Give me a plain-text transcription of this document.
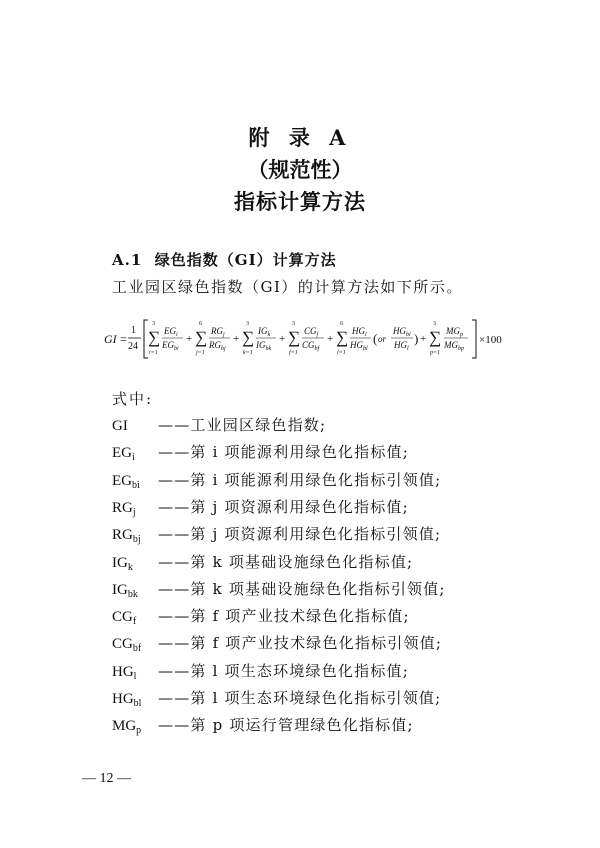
附 录 A
（规范性）
指标计算方法
A.1 绿色指数（GI）计算方法
工业园区绿色指数（GI）的计算方法如下所示。
GI =
1
24
3
∑
i=1
$EG_i$
$EG_{bi}$
+
6
∑
j=1
$RG_j$
$RG_{bj}$
+
3
∑
k=1
$IG_k$
$IG_{bk}$
+
3
∑
f=1
$CG_f$
$CG_{bf}$
+
6
∑
l=1
$HG_l$
$HG_{bl}$
( or
$HG_{bl}$
$HG_l$
) +
3
∑
p=1
$MG_p$
$MG_{bp}$
×100
式中:
GI ——工业园区绿色指数;
$EG_i$ ——第 i 项能源利用绿色化指标值;
$EG_{bi}$ ——第 i 项能源利用绿色化指标引领值;
$RG_j$ ——第 j 项资源利用绿色化指标值;
$RG_{bj}$ ——第 j 项资源利用绿色化指标引领值;
$IG_k$ ——第 k 项基础设施绿色化指标值;
$IG_{bk}$ ——第 k 项基础设施绿色化指标引领值;
$CG_f$ ——第 f 项产业技术绿色化指标值;
$CG_{bf}$ ——第 f 项产业技术绿色化指标引领值;
$HG_l$ ——第 l 项生态环境绿色化指标值;
$HG_{bl}$ ——第 l 项生态环境绿色化指标引领值;
$MG_p$ ——第 p 项运行管理绿色化指标值;
— 12 —
